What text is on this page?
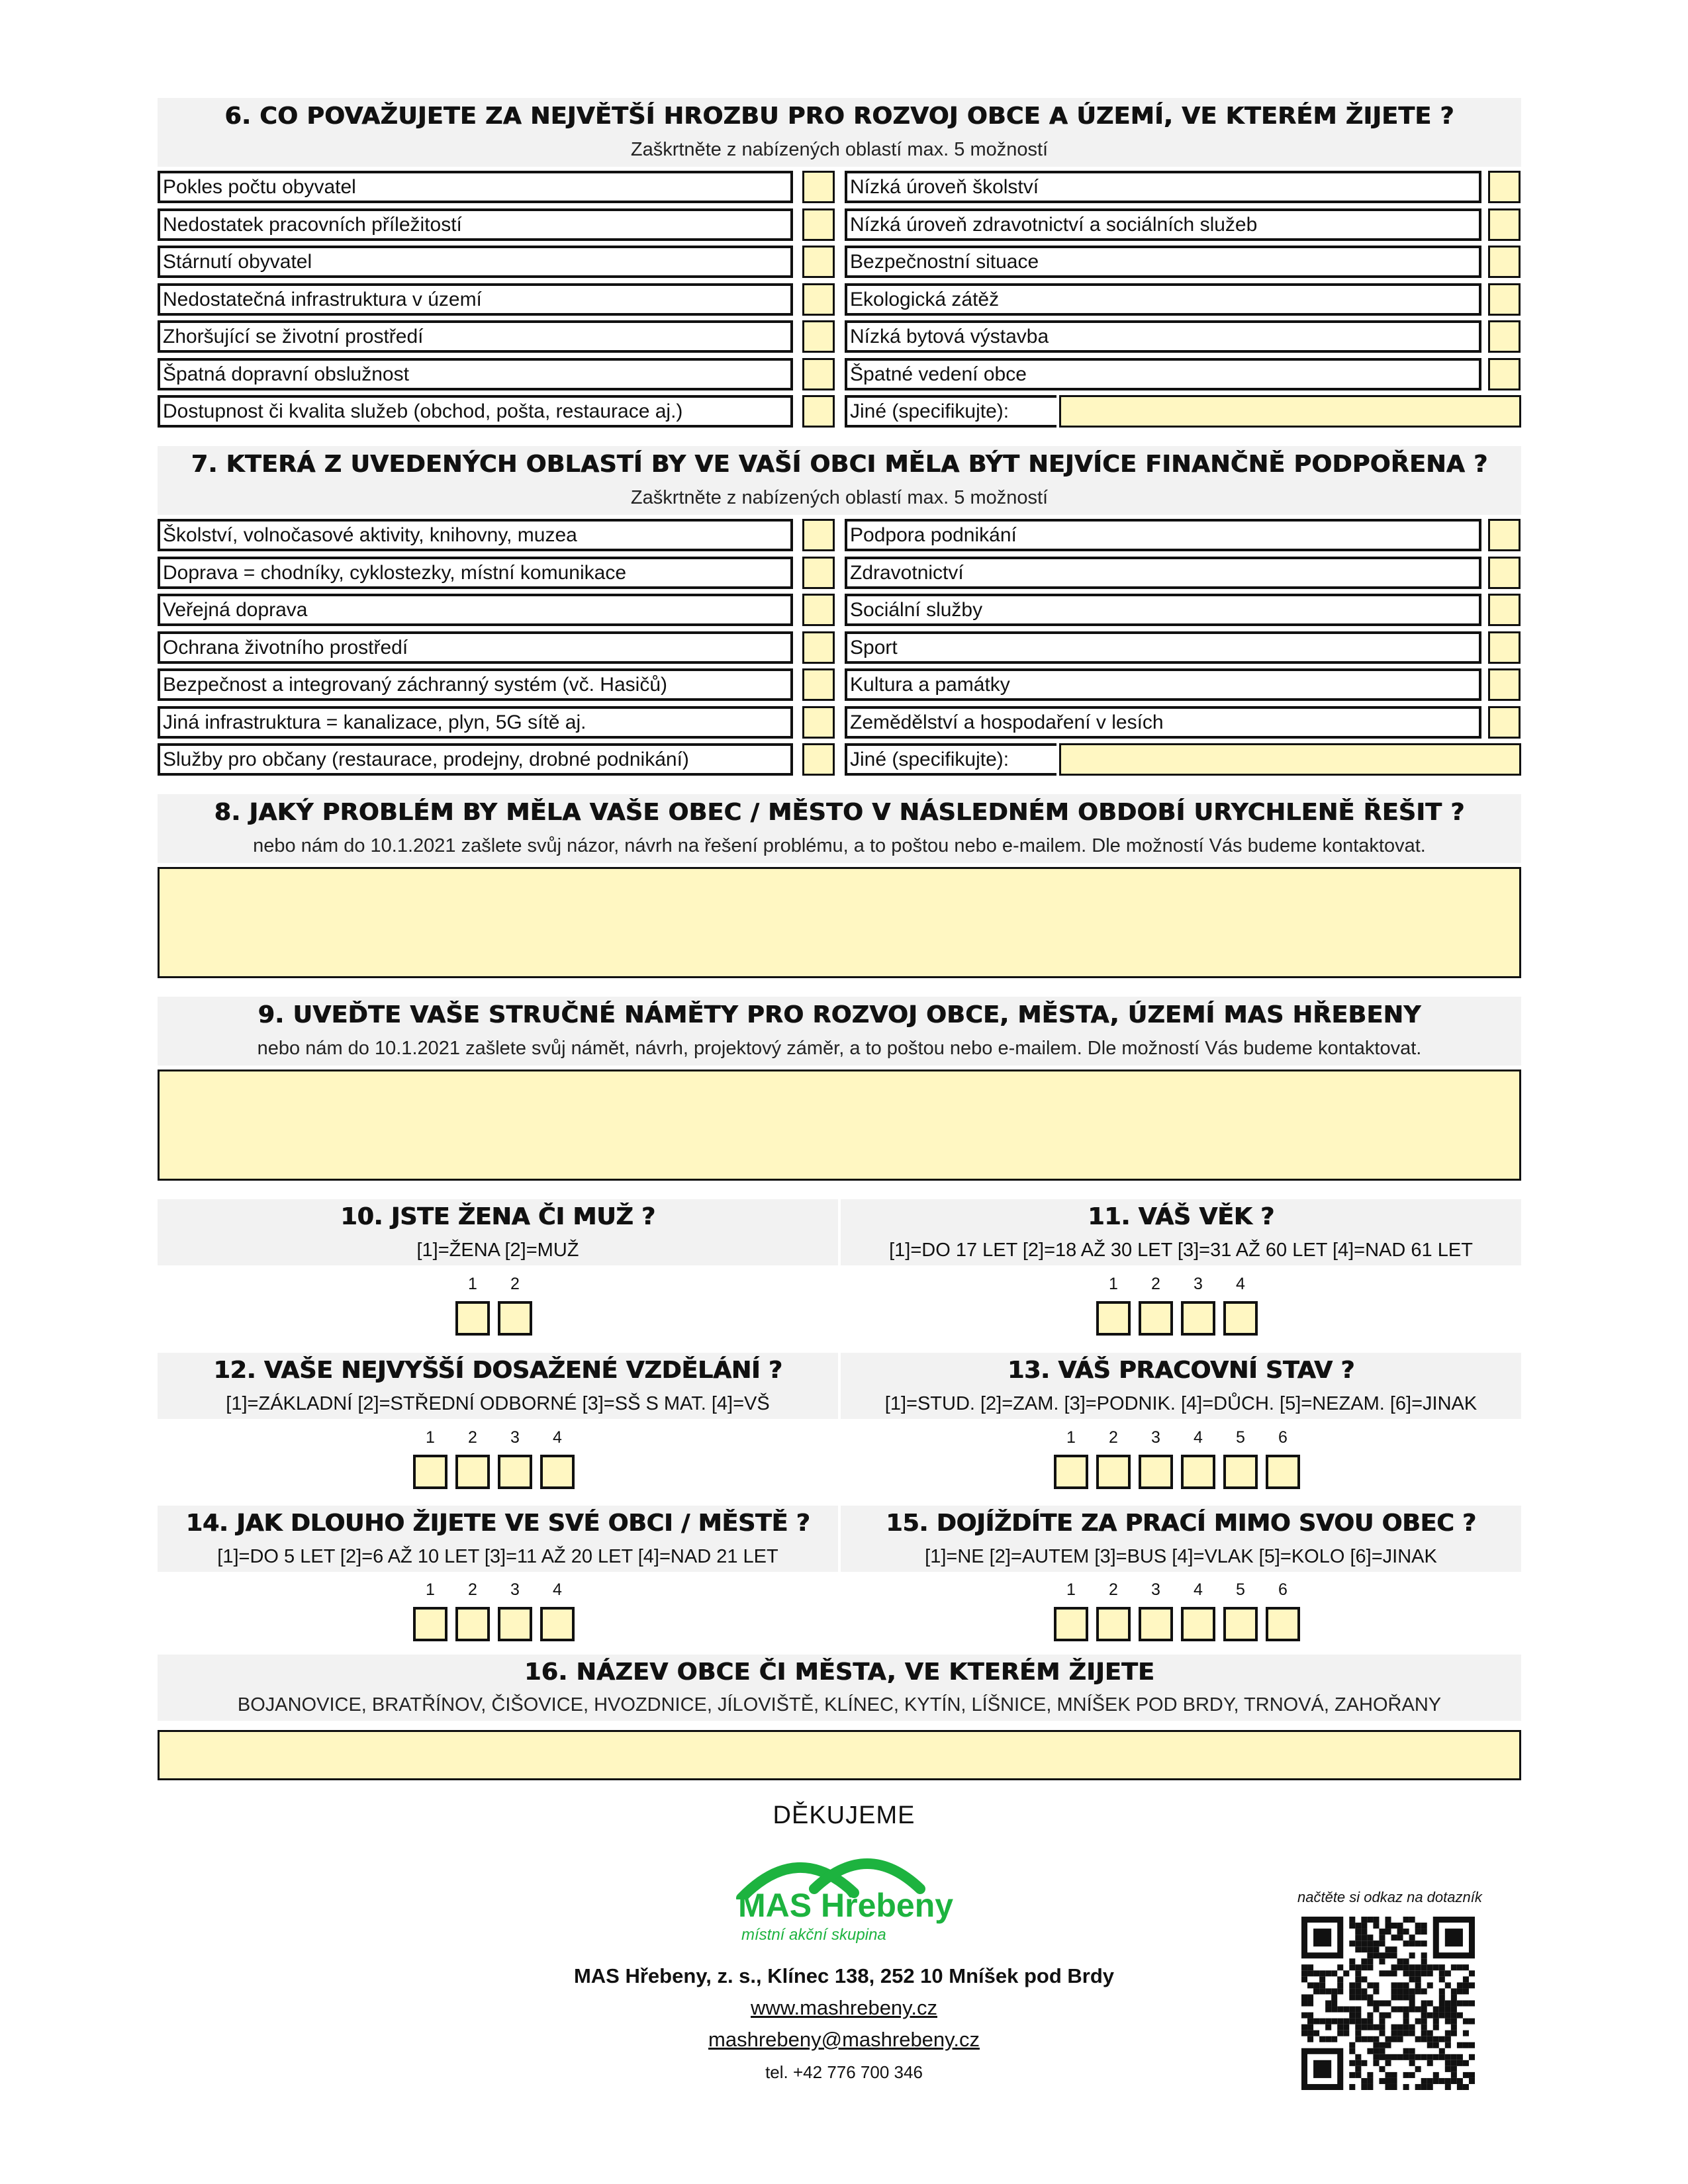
6. CO POVAŽUJETE ZA NEJVĚTŠÍ HROZBU PRO ROZVOJ OBCE A ÚZEMÍ, VE KTERÉM ŽIJETE ?
Zaškrtněte z nabízených oblastí max. 5 možností
Pokles počtu obyvatel	Nízká úroveň školství
Nedostatek pracovních příležitostí	Nízká úroveň zdravotnictví a sociálních služeb
Stárnutí obyvatel	Bezpečnostní situace
Nedostatečná infrastruktura v území	Ekologická zátěž
Zhoršující se životní prostředí	Nízká bytová výstavba
Špatná dopravní obslužnost	Špatné vedení obce
Dostupnost či kvalita služeb (obchod, pošta, restaurace aj.)	Jiné (specifikujte):
7. KTERÁ Z UVEDENÝCH OBLASTÍ BY VE VAŠÍ OBCI MĚLA BÝT NEJVÍCE FINANČNĚ PODPOŘENA ?
Zaškrtněte z nabízených oblastí max. 5 možností
Školství, volnočasové aktivity, knihovny, muzea	Podpora podnikání
Doprava = chodníky, cyklostezky, místní komunikace	Zdravotnictví
Veřejná doprava	Sociální služby
Ochrana životního prostředí	Sport
Bezpečnost a integrovaný záchranný systém (vč. Hasičů)	Kultura a památky
Jiná infrastruktura = kanalizace, plyn, 5G sítě aj.	Zemědělství a hospodaření v lesích
Služby pro občany (restaurace, prodejny, drobné podnikání)	Jiné (specifikujte):
8. JAKÝ PROBLÉM BY MĚLA VAŠE OBEC / MĚSTO V NÁSLEDNÉM OBDOBÍ URYCHLENĚ ŘEŠIT ?
nebo nám do 10.1.2021 zašlete svůj názor, návrh na řešení problému, a to poštou nebo e-mailem. Dle možností Vás budeme kontaktovat.
9. UVEĎTE VAŠE STRUČNÉ NÁMĚTY PRO ROZVOJ OBCE, MĚSTA, ÚZEMÍ MAS HŘEBENY
nebo nám do 10.1.2021 zašlete svůj námět, návrh, projektový záměr, a to poštou nebo e-mailem. Dle možností Vás budeme kontaktovat.
10. JSTE ŽENA ČI MUŽ ?
[1]=ŽENA [2]=MUŽ
11. VÁŠ VĚK ?
[1]=DO 17 LET [2]=18 AŽ 30 LET [3]=31 AŽ 60 LET [4]=NAD 61 LET
1	2	1	2	3	4
12. VAŠE NEJVYŠŠÍ DOSAŽENÉ VZDĚLÁNÍ ?
[1]=ZÁKLADNÍ [2]=STŘEDNÍ ODBORNÉ [3]=SŠ S MAT. [4]=VŠ
13. VÁŠ PRACOVNÍ STAV ?
[1]=STUD. [2]=ZAM. [3]=PODNIK. [4]=DŮCH. [5]=NEZAM. [6]=JINAK
1	2	3	4	1	2	3	4	5	6
14. JAK DLOUHO ŽIJETE VE SVÉ OBCI / MĚSTĚ ?
[1]=DO 5 LET [2]=6 AŽ 10 LET [3]=11 AŽ 20 LET [4]=NAD 21 LET
15. DOJÍŽDÍTE ZA PRACÍ MIMO SVOU OBEC ?
[1]=NE [2]=AUTEM [3]=BUS [4]=VLAK [5]=KOLO [6]=JINAK
1	2	3	4	1	2	3	4	5	6
16. NÁZEV OBCE ČI MĚSTA, VE KTERÉM ŽIJETE
BOJANOVICE, BRATŘÍNOV, ČIŠOVICE, HVOZDNICE, JÍLOVIŠTĚ, KLÍNEC, KYTÍN, LÍŠNICE, MNÍŠEK POD BRDY, TRNOVÁ, ZAHOŘANY
DĚKUJEME
MAS Hřebeny
místní akční skupina
MAS Hřebeny, z. s., Klínec 138, 252 10 Mníšek pod Brdy
www.mashrebeny.cz
mashrebeny@mashrebeny.cz
tel. +42 776 700 346
načtěte si odkaz na dotazník
